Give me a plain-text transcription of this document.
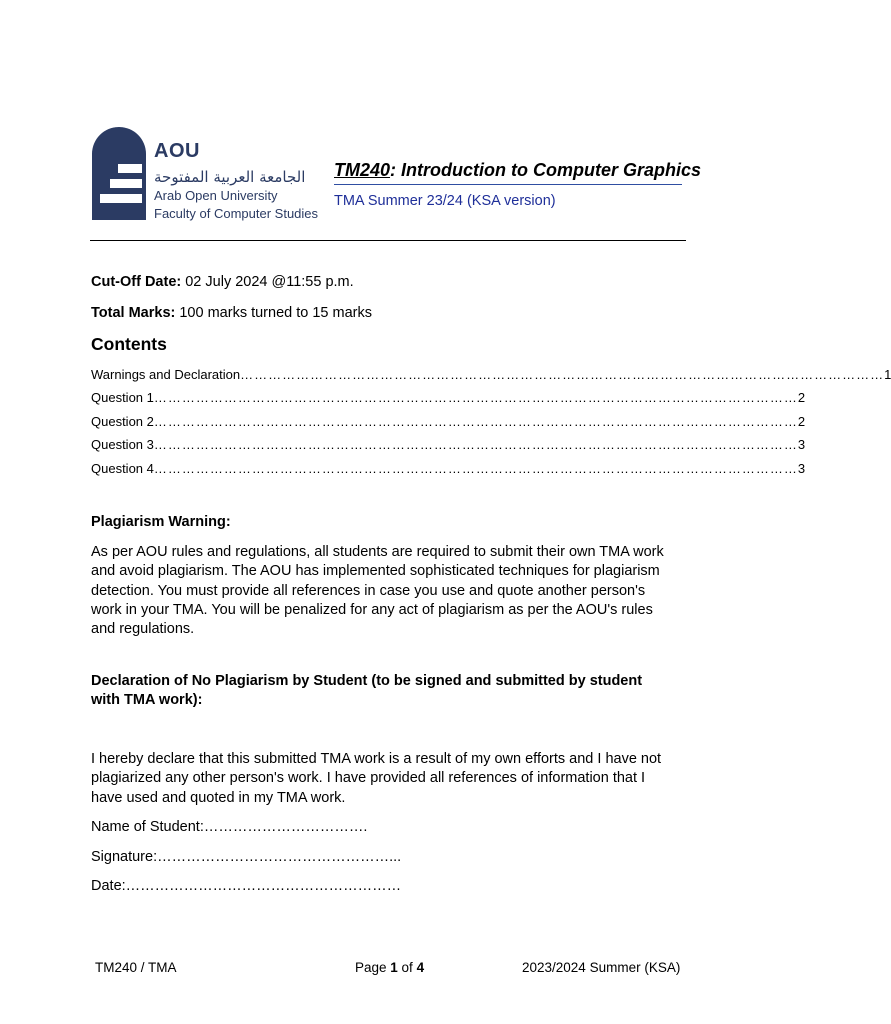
AOU
الجامعة العربية المفتوحة
Arab Open University
Faculty of Computer Studies
TM240: Introduction to Computer Graphics
TMA Summer 23/24 (KSA version)
Cut-Off Date: 02 July 2024 @11:55 p.m.
Total Marks: 100 marks turned to 15 marks
Contents
Warnings and Declaration ………………………………………………………………………………………………………………………… 1
Question 1 ………………………………………………………………………………………………………………………… 2
Question 2 ………………………………………………………………………………………………………………………… 2
Question 3 ………………………………………………………………………………………………………………………… 3
Question 4 ………………………………………………………………………………………………………………………… 3
Plagiarism Warning:
As per AOU rules and regulations, all students are required to submit their own TMA work and avoid plagiarism. The AOU has implemented sophisticated techniques for plagiarism detection. You must provide all references in case you use and quote another person's work in your TMA. You will be penalized for any act of plagiarism as per the AOU's rules and regulations.
Declaration of No Plagiarism by Student (to be signed and submitted by student with TMA work):
I hereby declare that this submitted TMA work is a result of my own efforts and I have not plagiarized any other person's work. I have provided all references of information that I have used and quoted in my TMA work.
Name of Student:…………………………….
Signature:…………………………………………...
Date:…………………………………………………
TM240 / TMA	Page 1 of 4	2023/2024 Summer (KSA)
